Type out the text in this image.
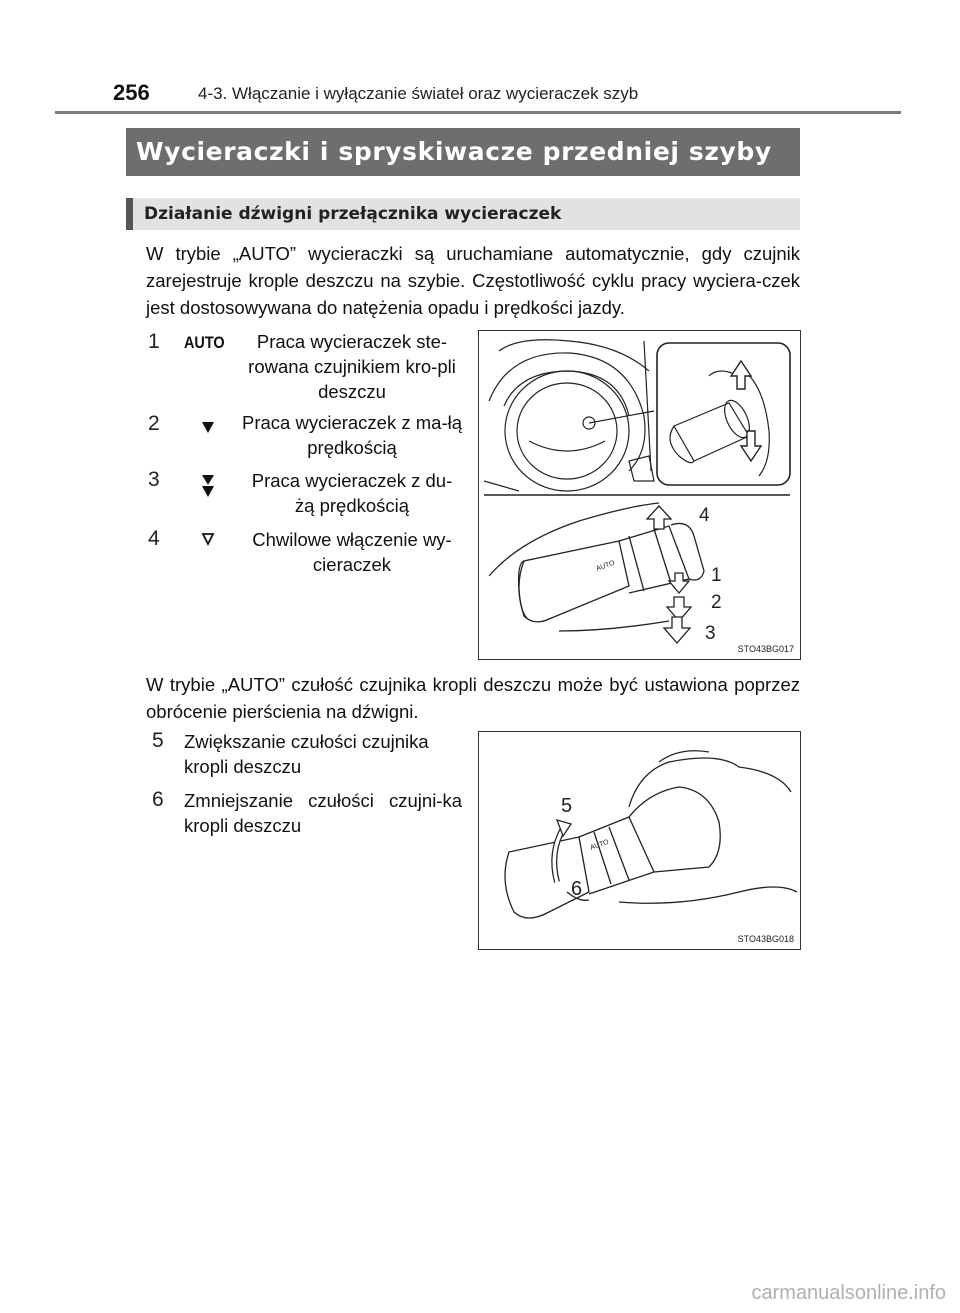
256	4-3. Włączanie i wyłączanie świateł oraz wycieraczek szyb
Wycieraczki i spryskiwacze przedniej szyby
Działanie dźwigni przełącznika wycieraczek

W trybie „AUTO” wycieraczki są uruchamiane automatycznie, gdy czujnik zarejestruje krople deszczu na szybie. Częstotliwość cyklu pracy wyciera-czek jest dostosowywana do natężenia opadu i prędkości jazdy.

1 AUTO	Praca wycieraczek ste-rowana czujnikiem kro-pli deszczu
2	Praca wycieraczek z ma-łą prędkością
3	Praca wycieraczek z du-żą prędkością
4	Chwilowe włączenie wy-cieraczek	AUTO
4
1
2
3
STO43BG017

W trybie „AUTO” czułość czujnika kropli deszczu może być ustawiona poprzez obrócenie pierścienia na dźwigni.

5 Zwiększanie czułości czujnika kropli deszczu
6 Zmniejszanie czułości czujni-ka kropli deszczu
AUTO
5
6
STO43BG018
carmanualsonline.info
